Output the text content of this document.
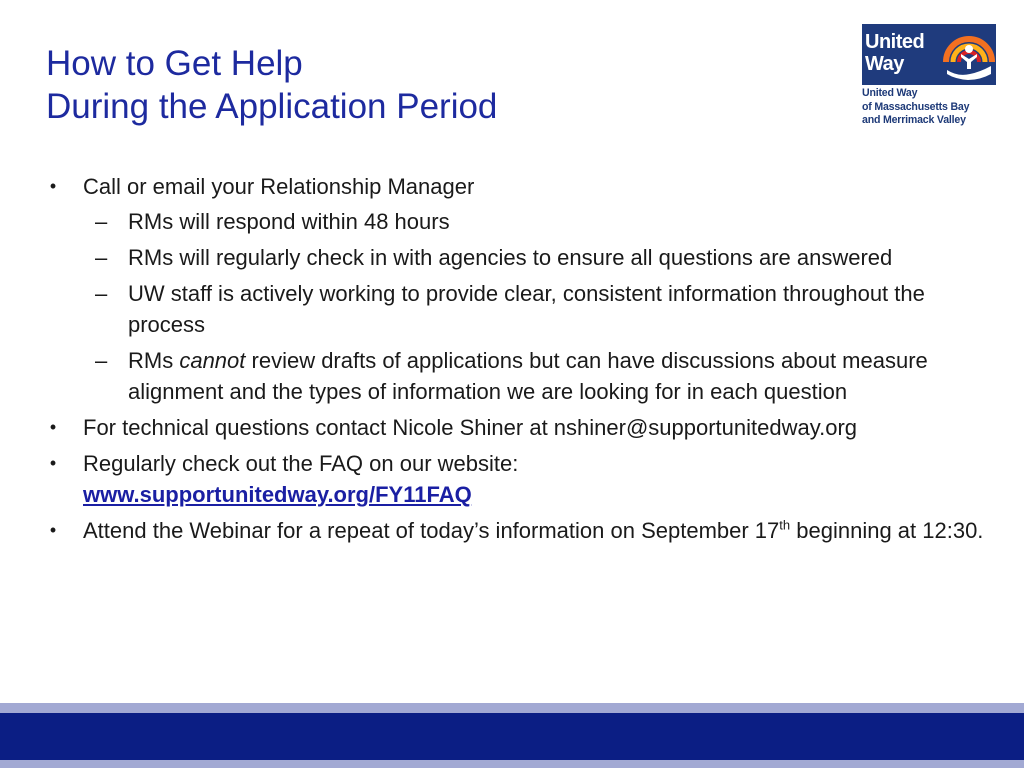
How to Get Help
During the Application Period
United
Way
United Way
of Massachusetts Bay
and Merrimack Valley
• Call or email your Relationship Manager
– RMs will respond within 48 hours
– RMs will regularly check in with agencies to ensure all questions are answered
– UW staff is actively working to provide clear, consistent information throughout the process
– RMs cannot review drafts of applications but can have discussions about measure alignment and the types of information we are looking for in each question
• For technical questions contact Nicole Shiner at nshiner@supportunitedway.org
• Regularly check out the FAQ on our website:
www.supportunitedway.org/FY11FAQ
• Attend the Webinar for a repeat of today’s information on September 17th beginning at 12:30.
